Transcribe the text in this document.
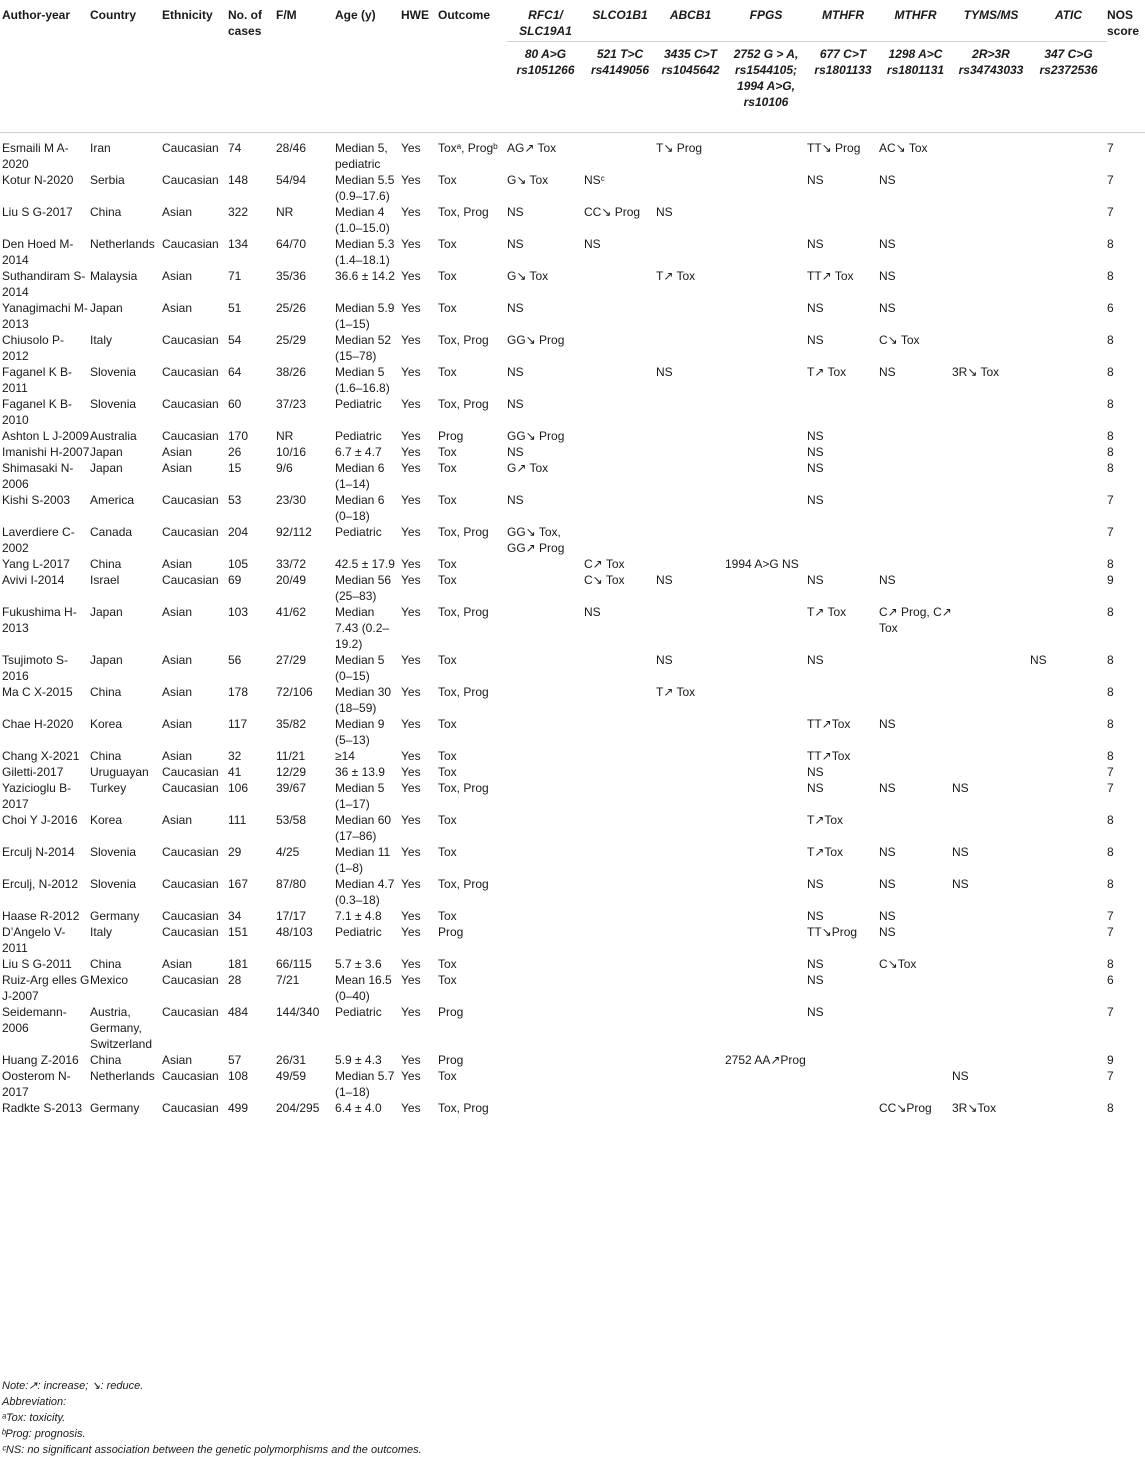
Author-year	Country	Ethnicity	No. of cases	F/M	Age (y)	HWE	Outcome	RFC1/ SLC19A1	SLCO1B1	ABCB1	FPGS	MTHFR	MTHFR	TYMS/MS	ATIC	NOS score
								80 A>G rs1051266	521 T>C rs4149056	3435 C>T rs1045642	2752 G > A, rs1544105; 1994 A>G, rs10106	677 C>T rs1801133	1298 A>C rs1801131	2R>3R rs34743033	347 C>G rs2372536	
Esmaili M A-2020	Iran	Caucasian	74	28/46	Median 5, pediatric	Yes	Toxᵃ, Progᵇ	AG↗ Tox		T↘ Prog		TT↘ Prog	AC↘ Tox			7
Kotur N-2020	Serbia	Caucasian	148	54/94	Median 5.5 (0.9–17.6)	Yes	Tox	G↘ Tox	NSᶜ			NS	NS			7
Liu S G-2017	China	Asian	322	NR	Median 4 (1.0–15.0)	Yes	Tox, Prog	NS	CC↘ Prog	NS						7
Den Hoed M-2014	Netherlands	Caucasian	134	64/70	Median 5.3 (1.4–18.1)	Yes	Tox	NS	NS			NS	NS			8
Suthandiram S-2014	Malaysia	Asian	71	35/36	36.6 ± 14.2	Yes	Tox	G↘ Tox		T↗ Tox		TT↗ Tox	NS			8
Yanagimachi M-2013	Japan	Asian	51	25/26	Median 5.9 (1–15)	Yes	Tox	NS				NS	NS			6
Chiusolo P-2012	Italy	Caucasian	54	25/29	Median 52 (15–78)	Yes	Tox, Prog	GG↘ Prog				NS	C↘ Tox			8
Faganel K B-2011	Slovenia	Caucasian	64	38/26	Median 5 (1.6–16.8)	Yes	Tox	NS		NS		T↗ Tox	NS	3R↘ Tox		8
Faganel K B-2010	Slovenia	Caucasian	60	37/23	Pediatric	Yes	Tox, Prog	NS								8
Ashton L J-2009	Australia	Caucasian	170	NR	Pediatric	Yes	Prog	GG↘ Prog				NS				8
Imanishi H-2007	Japan	Asian	26	10/16	6.7 ± 4.7	Yes	Tox	NS				NS				8
Shimasaki N-2006	Japan	Asian	15	9/6	Median 6 (1–14)	Yes	Tox	G↗ Tox				NS				8
Kishi S-2003	America	Caucasian	53	23/30	Median 6 (0–18)	Yes	Tox	NS				NS				7
Laverdiere C-2002	Canada	Caucasian	204	92/112	Pediatric	Yes	Tox, Prog	GG↘ Tox, GG↗ Prog								7
Yang L-2017	China	Asian	105	33/72	42.5 ± 17.9	Yes	Tox		C↗ Tox		1994 A>G NS					8
Avivi I-2014	Israel	Caucasian	69	20/49	Median 56 (25–83)	Yes	Tox		C↘ Tox	NS		NS	NS			9
Fukushima H-2013	Japan	Asian	103	41/62	Median 7.43 (0.2–19.2)	Yes	Tox, Prog		NS			T↗ Tox	C↗ Prog, C↗ Tox			8
Tsujimoto S-2016	Japan	Asian	56	27/29	Median 5 (0–15)	Yes	Tox			NS		NS			NS	8
Ma C X-2015	China	Asian	178	72/106	Median 30 (18–59)	Yes	Tox, Prog			T↗ Tox						8
Chae H-2020	Korea	Asian	117	35/82	Median 9 (5–13)	Yes	Tox					TT↗Tox	NS			8
Chang X-2021	China	Asian	32	11/21	≥14	Yes	Tox					TT↗Tox				8
Giletti-2017	Uruguayan	Caucasian	41	12/29	36 ± 13.9	Yes	Tox					NS				7
Yazicioglu B-2017	Turkey	Caucasian	106	39/67	Median 5 (1–17)	Yes	Tox, Prog					NS	NS	NS		7
Choi Y J-2016	Korea	Asian	111	53/58	Median 60 (17–86)	Yes	Tox					T↗Tox				8
Erculj N-2014	Slovenia	Caucasian	29	4/25	Median 11 (1–8)	Yes	Tox					T↗Tox	NS	NS		8
Erculj, N-2012	Slovenia	Caucasian	167	87/80	Median 4.7 (0.3–18)	Yes	Tox, Prog					NS	NS	NS		8
Haase R-2012	Germany	Caucasian	34	17/17	7.1 ± 4.8	Yes	Tox					NS	NS			7
D’Angelo V-2011	Italy	Caucasian	151	48/103	Pediatric	Yes	Prog					TT↘Prog	NS			7
Liu S G-2011	China	Asian	181	66/115	5.7 ± 3.6	Yes	Tox					NS	C↘Tox			8
Ruiz-Arg elles G J-2007	Mexico	Caucasian	28	7/21	Mean 16.5 (0–40)	Yes	Tox					NS				6
Seidemann-2006	Austria, Germany, Switzerland	Caucasian	484	144/340	Pediatric	Yes	Prog					NS				7
Huang Z-2016	China	Asian	57	26/31	5.9 ± 4.3	Yes	Prog				2752 AA↗Prog					9
Oosterom N-2017	Netherlands	Caucasian	108	49/59	Median 5.7 (1–18)	Yes	Tox							NS		7
Radkte S-2013	Germany	Caucasian	499	204/295	6.4 ± 4.0	Yes	Tox, Prog						CC↘Prog	3R↘Tox		8
Note:↗: increase; ↘: reduce.
Abbreviation:
ᵃTox: toxicity.
ᵇProg: prognosis.
ᶜNS: no significant association between the genetic polymorphisms and the outcomes.
